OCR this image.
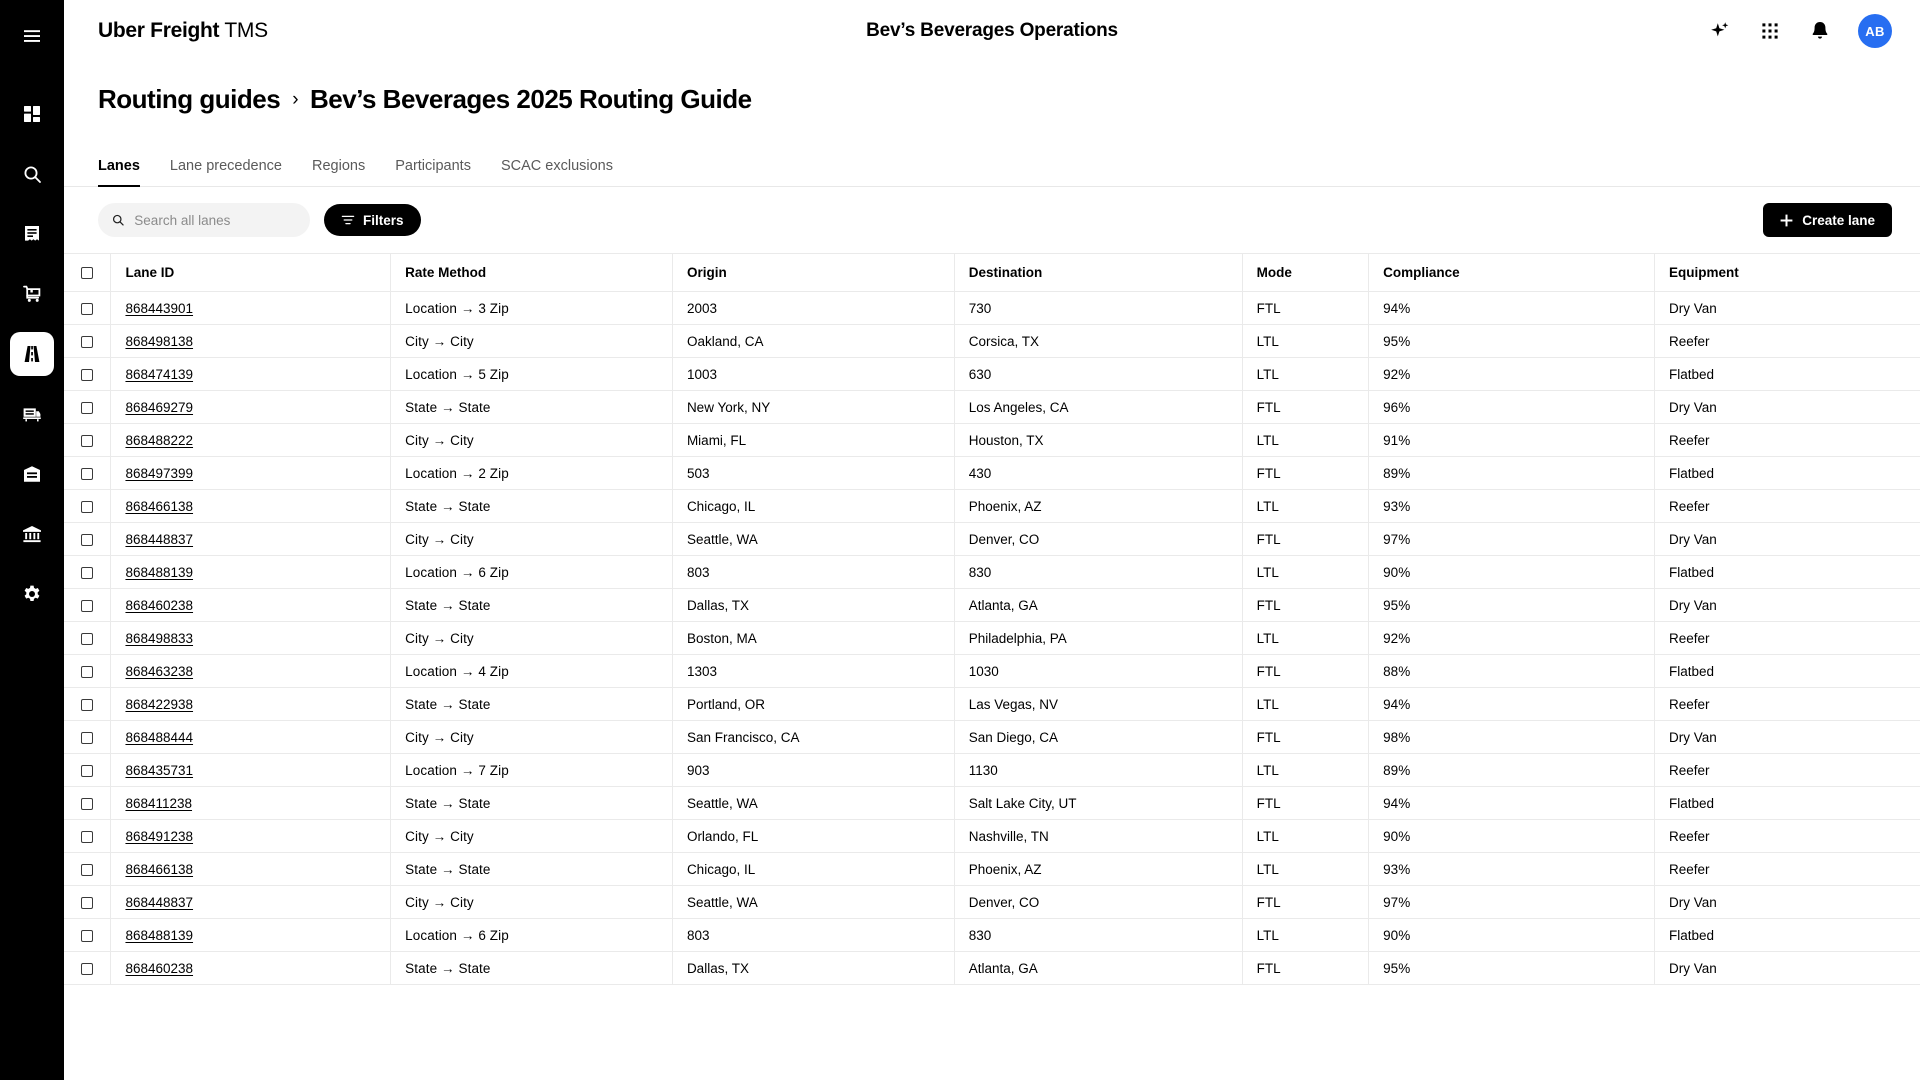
Uber Freight TMS	Bev’s Beverages Operations	AB
Routing guides › Bev’s Beverages 2025 Routing Guide
Lanes	Lane precedence	Regions	Participants	SCAC exclusions
Search all lanes
Filters	Create lane
	Lane ID	Rate Method	Origin	Destination	Mode	Compliance	Equipment
	868443901	Location → 3 Zip	2003	730	FTL	94%	Dry Van
	868498138	City → City	Oakland, CA	Corsica, TX	LTL	95%	Reefer
	868474139	Location → 5 Zip	1003	630	LTL	92%	Flatbed
	868469279	State → State	New York, NY	Los Angeles, CA	FTL	96%	Dry Van
	868488222	City → City	Miami, FL	Houston, TX	LTL	91%	Reefer
	868497399	Location → 2 Zip	503	430	FTL	89%	Flatbed
	868466138	State → State	Chicago, IL	Phoenix, AZ	LTL	93%	Reefer
	868448837	City → City	Seattle, WA	Denver, CO	FTL	97%	Dry Van
	868488139	Location → 6 Zip	803	830	LTL	90%	Flatbed
	868460238	State → State	Dallas, TX	Atlanta, GA	FTL	95%	Dry Van
	868498833	City → City	Boston, MA	Philadelphia, PA	LTL	92%	Reefer
	868463238	Location → 4 Zip	1303	1030	FTL	88%	Flatbed
	868422938	State → State	Portland, OR	Las Vegas, NV	LTL	94%	Reefer
	868488444	City → City	San Francisco, CA	San Diego, CA	FTL	98%	Dry Van
	868435731	Location → 7 Zip	903	1130	LTL	89%	Reefer
	868411238	State → State	Seattle, WA	Salt Lake City, UT	FTL	94%	Flatbed
	868491238	City → City	Orlando, FL	Nashville, TN	LTL	90%	Reefer
	868466138	State → State	Chicago, IL	Phoenix, AZ	LTL	93%	Reefer
	868448837	City → City	Seattle, WA	Denver, CO	FTL	97%	Dry Van
	868488139	Location → 6 Zip	803	830	LTL	90%	Flatbed
	868460238	State → State	Dallas, TX	Atlanta, GA	FTL	95%	Dry Van
